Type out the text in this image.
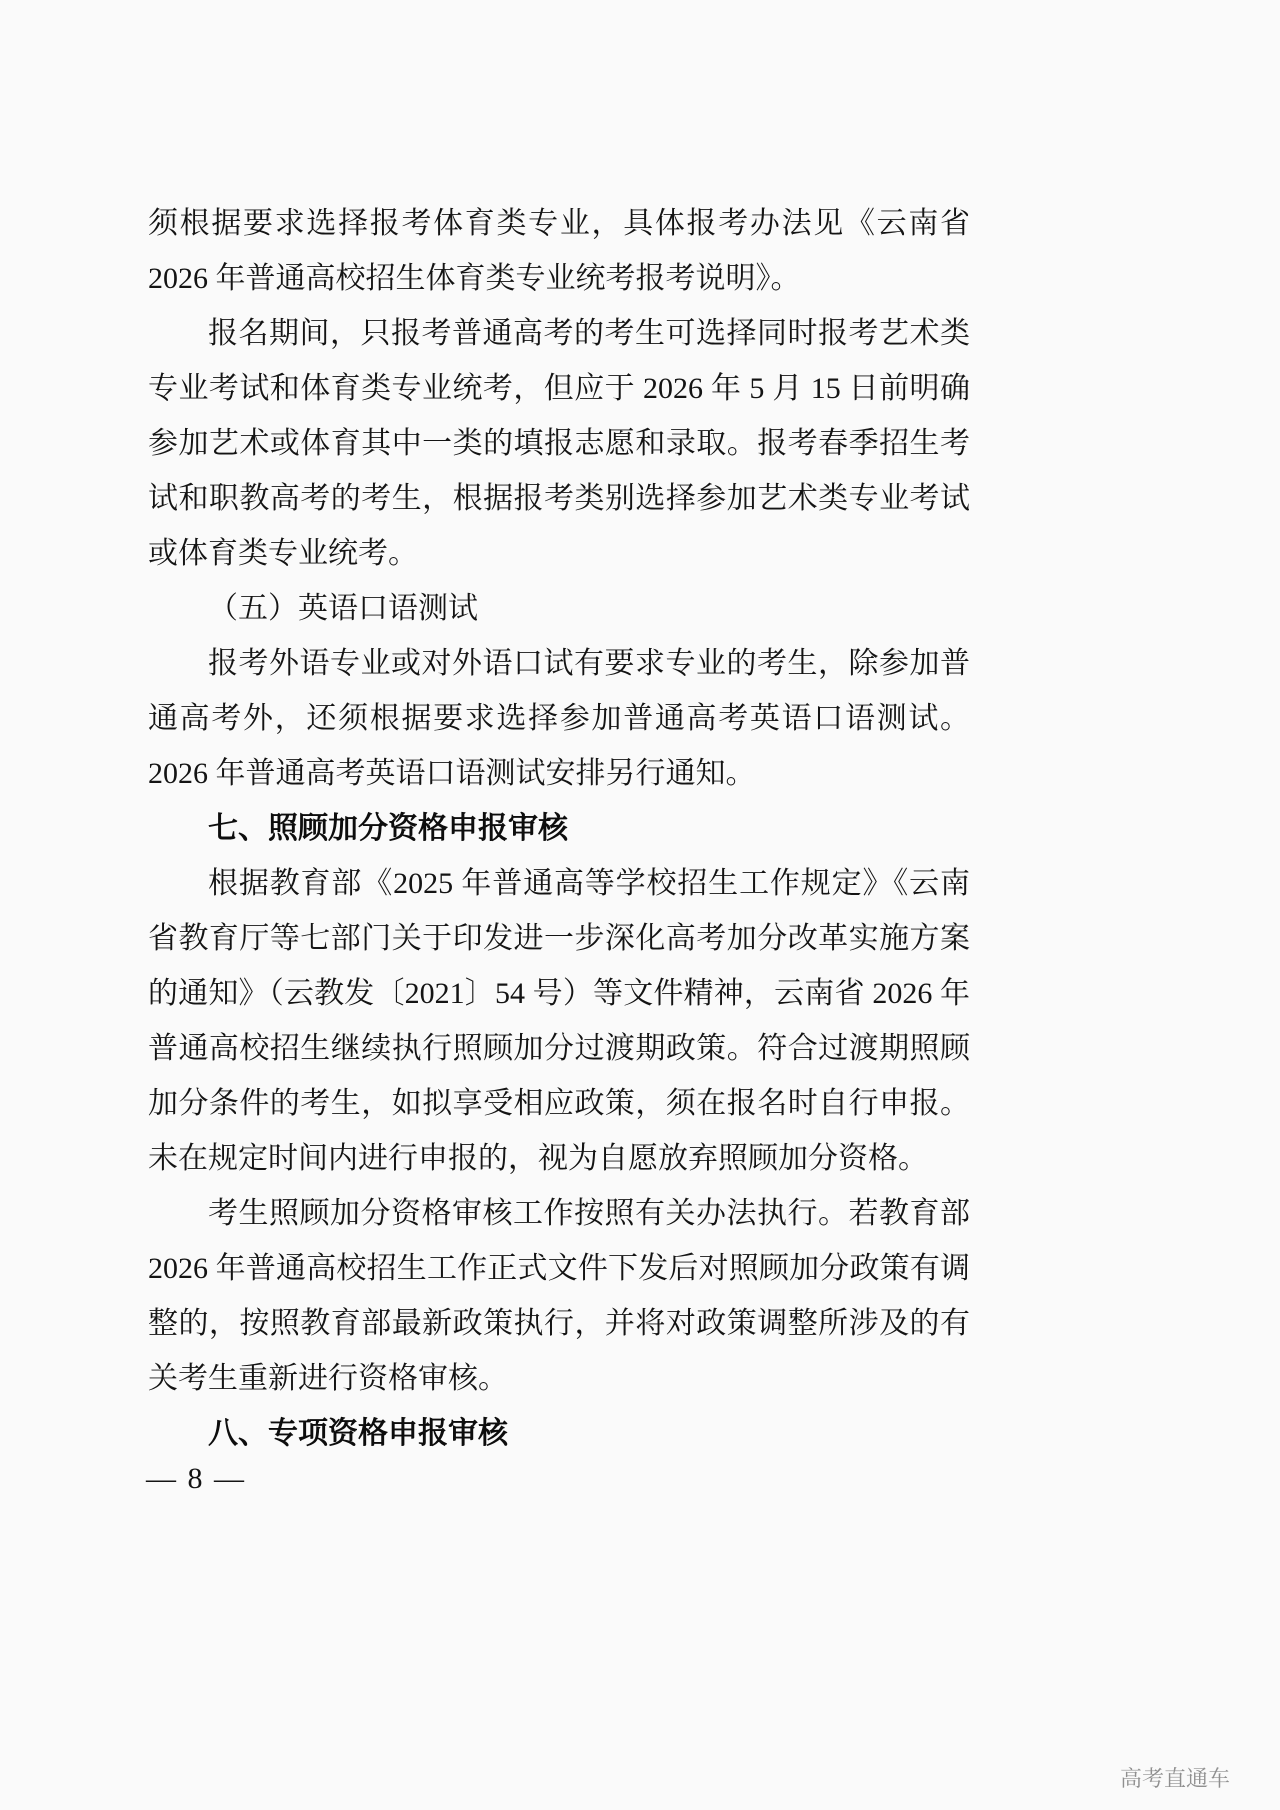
须根据要求选择报考体育类专业，具体报考办法见《云南省 2026 年普通高校招生体育类专业统考报考说明》。

报名期间，只报考普通高考的考生可选择同时报考艺术类专业考试和体育类专业统考，但应于 2026 年 5 月 15 日前明确参加艺术或体育其中一类的填报志愿和录取。报考春季招生考试和职教高考的考生，根据报考类别选择参加艺术类专业考试或体育类专业统考。

（五）英语口语测试

报考外语专业或对外语口试有要求专业的考生，除参加普通高考外，还须根据要求选择参加普通高考英语口语测试。2026 年普通高考英语口语测试安排另行通知。

七、照顾加分资格申报审核

根据教育部《2025 年普通高等学校招生工作规定》《云南省教育厅等七部门关于印发进一步深化高考加分改革实施方案的通知》（云教发〔2021〕54 号）等文件精神，云南省 2026 年普通高校招生继续执行照顾加分过渡期政策。符合过渡期照顾加分条件的考生，如拟享受相应政策，须在报名时自行申报。未在规定时间内进行申报的，视为自愿放弃照顾加分资格。

考生照顾加分资格审核工作按照有关办法执行。若教育部 2026 年普通高校招生工作正式文件下发后对照顾加分政策有调整的，按照教育部最新政策执行，并将对政策调整所涉及的有关考生重新进行资格审核。

八、专项资格申报审核

— 8 —
高考直通车
